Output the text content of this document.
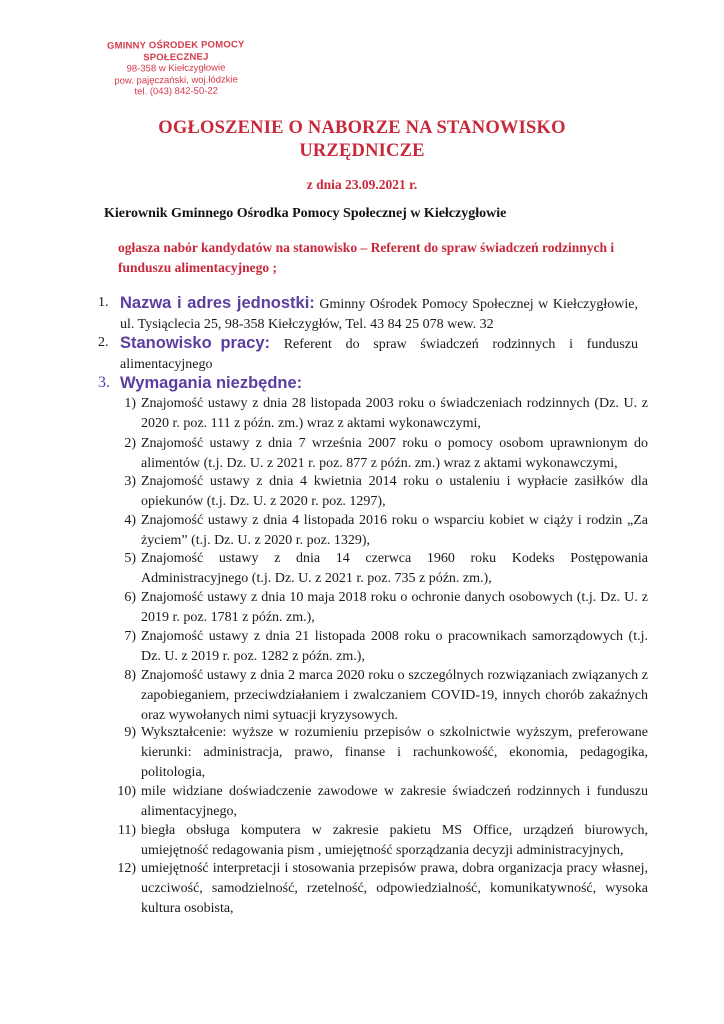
GMINNY OŚRODEK POMOCY SPOŁECZNEJ
98-358 w Kiełczygłowie
pow. pajęczański, woj.łódzkie
tel. (043) 842-50-22
OGŁOSZENIE O NABORZE NA STANOWISKO
URZĘDNICZE
z dnia 23.09.2021 r.
Kierownik Gminnego Ośrodka Pomocy Społecznej w Kiełczygłowie
ogłasza nabór kandydatów na stanowisko – Referent do spraw świadczeń rodzinnych i funduszu alimentacyjnego ;
1. Nazwa i adres jednostki: Gminny Ośrodek Pomocy Społecznej w Kiełczygłowie, ul. Tysiąclecia 25, 98-358 Kiełczygłów, Tel. 43 84 25 078 wew. 32
2. Stanowisko pracy: Referent do spraw świadczeń rodzinnych i funduszu alimentacyjnego
3. Wymagania niezbędne:
1) Znajomość ustawy z dnia 28 listopada 2003 roku o świadczeniach rodzinnych (Dz. U. z 2020 r. poz. 111 z późn. zm.) wraz z aktami wykonawczymi,
2) Znajomość ustawy z dnia 7 września 2007 roku o pomocy osobom uprawnionym do alimentów (t.j. Dz. U. z 2021 r. poz. 877 z późn. zm.) wraz z aktami wykonawczymi,
3) Znajomość ustawy z dnia 4 kwietnia 2014 roku o ustaleniu i wypłacie zasiłków dla opiekunów (t.j. Dz. U. z 2020 r. poz. 1297),
4) Znajomość ustawy z dnia 4 listopada 2016 roku o wsparciu kobiet w ciąży i rodzin „Za życiem” (t.j. Dz. U. z 2020 r. poz. 1329),
5) Znajomość ustawy z dnia 14 czerwca 1960 roku Kodeks Postępowania Administracyjnego (t.j. Dz. U. z 2021 r. poz. 735 z późn. zm.),
6) Znajomość ustawy z dnia 10 maja 2018 roku o ochronie danych osobowych (t.j. Dz. U. z 2019 r. poz. 1781 z późn. zm.),
7) Znajomość ustawy z dnia 21 listopada 2008 roku o pracownikach samorządowych (t.j. Dz. U. z 2019 r. poz. 1282 z późn. zm.),
8) Znajomość ustawy z dnia 2 marca 2020 roku o szczególnych rozwiązaniach związanych z zapobieganiem, przeciwdziałaniem i zwalczaniem COVID-19, innych chorób zakaźnych oraz wywołanych nimi sytuacji kryzysowych.
9) Wykształcenie: wyższe w rozumieniu przepisów o szkolnictwie wyższym, preferowane kierunki: administracja, prawo, finanse i rachunkowość, ekonomia, pedagogika, politologia,
10) mile widziane doświadczenie zawodowe w zakresie świadczeń rodzinnych i funduszu alimentacyjnego,
11) biegła obsługa komputera w zakresie pakietu MS Office, urządzeń biurowych, umiejętność redagowania pism , umiejętność sporządzania decyzji administracyjnych,
12) umiejętność interpretacji i stosowania przepisów prawa, dobra organizacja pracy własnej, uczciwość, samodzielność, rzetelność, odpowiedzialność, komunikatywność, wysoka kultura osobista,
